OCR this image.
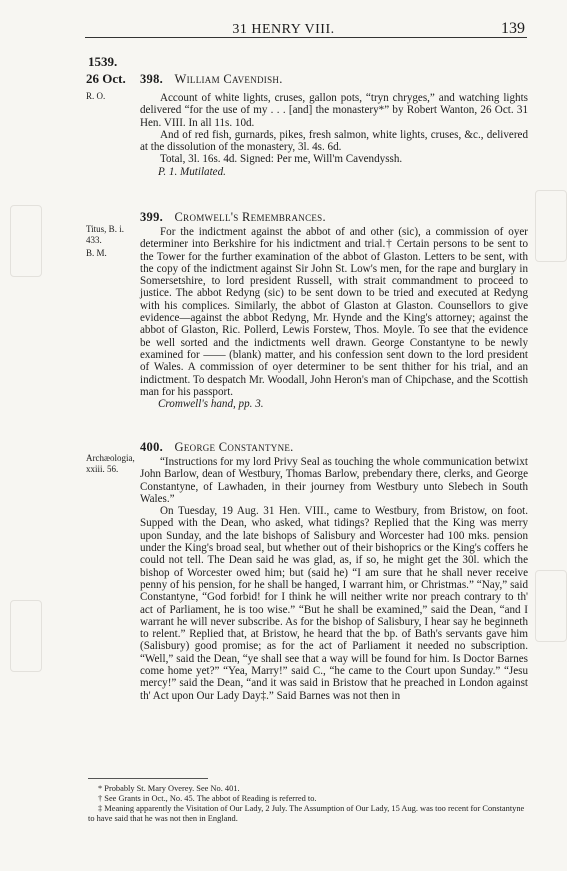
31 HENRY VIII.	139
1539.
26 Oct.
R. O.
398. William Cavendish.

Account of white lights, cruses, gallon pots, “tryn chryges,” and watching lights delivered “for the use of my . . . [and] the monastery*” by Robert Wanton, 26 Oct. 31 Hen. VIII. In all 11s. 10d.

And of red fish, gurnards, pikes, fresh salmon, white lights, cruses, &c., delivered at the dissolution of the monastery, 3l. 4s. 6d.

Total, 3l. 16s. 4d. Signed: Per me, Will'm Cavendyssh.

P. 1. Mutilated.

Titus, B. i. 433.
B. M.
399. Cromwell's Remembrances.

For the indictment against the abbot of and other (sic), a commission of oyer determiner into Berkshire for his indictment and trial.† Certain persons to be sent to the Tower for the further examination of the abbot of Glaston. Letters to be sent, with the copy of the indictment against Sir John St. Low's men, for the rape and burglary in Somersetshire, to lord president Russell, with strait commandment to proceed to justice. The abbot Redyng (sic) to be sent down to be tried and executed at Redyng with his complices. Similarly, the abbot of Glaston at Glaston. Counsellors to give evidence—against the abbot Redyng, Mr. Hynde and the King's attorney; against the abbot of Glaston, Ric. Pollerd, Lewis Forstew, Thos. Moyle. To see that the evidence be well sorted and the indictments well drawn. George Constantyne to be newly examined for —— (blank) matter, and his confession sent down to the lord president of Wales. A commission of oyer determiner to be sent thither for his trial, and an indictment. To despatch Mr. Woodall, John Heron's man of Chipchase, and the Scottish man for his passport.

Cromwell's hand, pp. 3.

Archæologia, xxiii. 56.
400. George Constantyne.

“Instructions for my lord Privy Seal as touching the whole communication betwixt John Barlow, dean of Westbury, Thomas Barlow, prebendary there, clerks, and George Constantyne, of Lawhaden, in their journey from Westbury unto Slebech in South Wales.”

On Tuesday, 19 Aug. 31 Hen. VIII., came to Westbury, from Bristow, on foot. Supped with the Dean, who asked, what tidings? Replied that the King was merry upon Sunday, and the late bishops of Salisbury and Worcester had 100 mks. pension under the King's broad seal, but whether out of their bishoprics or the King's coffers he could not tell. The Dean said he was glad, as, if so, he might get the 30l. which the bishop of Worcester owed him; but (said he) “I am sure that he shall never receive penny of his pension, for he shall be hanged, I warrant him, or Christmas.” “Nay,” said Constantyne, “God forbid! for I think he will neither write nor preach contrary to th' act of Parliament, he is too wise.” “But he shall be examined,” said the Dean, “and I warrant he will never subscribe. As for the bishop of Salisbury, I hear say he beginneth to relent.” Replied that, at Bristow, he heard that the bp. of Bath's servants gave him (Salisbury) good promise; as for the act of Parliament it needed no subscription. “Well,” said the Dean, “ye shall see that a way will be found for him. Is Doctor Barnes come home yet?” “Yea, Marry!” said C., “he came to the Court upon Sunday.” “Jesu mercy!” said the Dean, “and it was said in Bristow that he preached in London against th' Act upon Our Lady Day‡.” Said Barnes was not then in

* Probably St. Mary Overey. See No. 401.
† See Grants in Oct., No. 45. The abbot of Reading is referred to.
‡ Meaning apparently the Visitation of Our Lady, 2 July. The Assumption of Our Lady, 15 Aug. was too recent for Constantyne to have said that he was not then in England.
